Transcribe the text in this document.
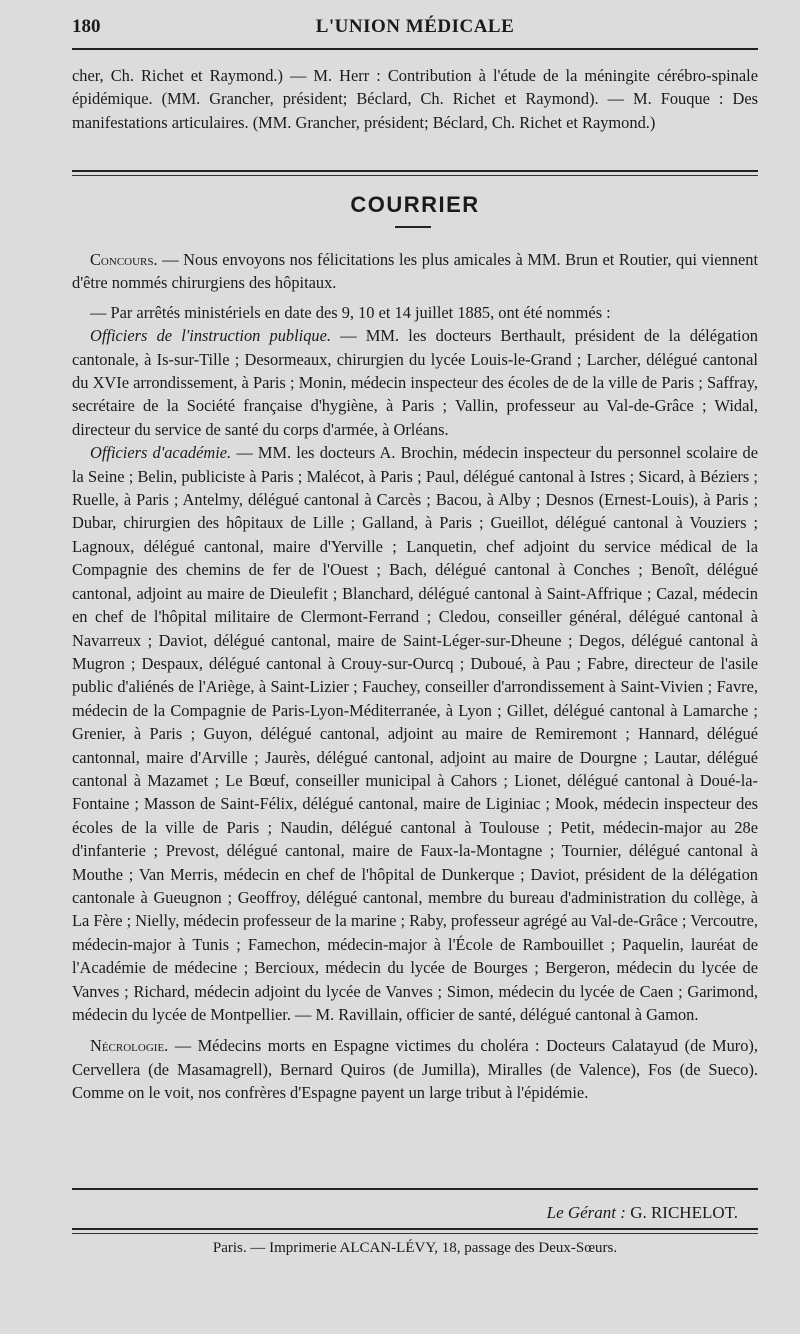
180	L'UNION MÉDICALE

cher, Ch. Richet et Raymond.) — M. Herr : Contribution à l'étude de la méningite cérébro-spinale épidémique. (MM. Grancher, président; Béclard, Ch. Richet et Raymond). — M. Fouque : Des manifestations articulaires. (MM. Grancher, président; Béclard, Ch. Richet et Raymond.)

COURRIER

Concours. — Nous envoyons nos félicitations les plus amicales à MM. Brun et Routier, qui viennent d'être nommés chirurgiens des hôpitaux.

— Par arrêtés ministériels en date des 9, 10 et 14 juillet 1885, ont été nommés :

Officiers de l'instruction publique. — MM. les docteurs Berthault, président de la délégation cantonale, à Is-sur-Tille ; Desormeaux, chirurgien du lycée Louis-le-Grand ; Larcher, délégué cantonal du XVIe arrondissement, à Paris ; Monin, médecin inspecteur des écoles de de la ville de Paris ; Saffray, secrétaire de la Société française d'hygiène, à Paris ; Vallin, professeur au Val-de-Grâce ; Widal, directeur du service de santé du corps d'armée, à Orléans.

Officiers d'académie. — MM. les docteurs A. Brochin, médecin inspecteur du personnel scolaire de la Seine ; Belin, publiciste à Paris ; Malécot, à Paris ; Paul, délégué cantonal à Istres ; Sicard, à Béziers ; Ruelle, à Paris ; Antelmy, délégué cantonal à Carcès ; Bacou, à Alby ; Desnos (Ernest-Louis), à Paris ; Dubar, chirurgien des hôpitaux de Lille ; Galland, à Paris ; Gueillot, délégué cantonal à Vouziers ; Lagnoux, délégué cantonal, maire d'Yerville ; Lanquetin, chef adjoint du service médical de la Compagnie des chemins de fer de l'Ouest ; Bach, délégué cantonal à Conches ; Benoît, délégué cantonal, adjoint au maire de Dieulefit ; Blanchard, délégué cantonal à Saint-Affrique ; Cazal, médecin en chef de l'hôpital militaire de Clermont-Ferrand ; Cledou, conseiller général, délégué cantonal à Navarreux ; Daviot, délégué cantonal, maire de Saint-Léger-sur-Dheune ; Degos, délégué cantonal à Mugron ; Despaux, délégué cantonal à Crouy-sur-Ourcq ; Duboué, à Pau ; Fabre, directeur de l'asile public d'aliénés de l'Ariège, à Saint-Lizier ; Fauchey, conseiller d'arrondissement à Saint-Vivien ; Favre, médecin de la Compagnie de Paris-Lyon-Méditerranée, à Lyon ; Gillet, délégué cantonal à Lamarche ; Grenier, à Paris ; Guyon, délégué cantonal, adjoint au maire de Remiremont ; Hannard, délégué cantonnal, maire d'Arville ; Jaurès, délégué cantonal, adjoint au maire de Dourgne ; Lautar, délégué cantonal à Mazamet ; Le Bœuf, conseiller municipal à Cahors ; Lionet, délégué cantonal à Doué-la-Fontaine ; Masson de Saint-Félix, délégué cantonal, maire de Liginiac ; Mook, médecin inspecteur des écoles de la ville de Paris ; Naudin, délégué cantonal à Toulouse ; Petit, médecin-major au 28e d'infanterie ; Prevost, délégué cantonal, maire de Faux-la-Montagne ; Tournier, délégué cantonal à Mouthe ; Van Merris, médecin en chef de l'hôpital de Dunkerque ; Daviot, président de la délégation cantonale à Gueugnon ; Geoffroy, délégué cantonal, membre du bureau d'administration du collège, à La Fère ; Nielly, médecin professeur de la marine ; Raby, professeur agrégé au Val-de-Grâce ; Vercoutre, médecin-major à Tunis ; Famechon, médecin-major à l'École de Rambouillet ; Paquelin, lauréat de l'Académie de médecine ; Bercioux, médecin du lycée de Bourges ; Bergeron, médecin du lycée de Vanves ; Richard, médecin adjoint du lycée de Vanves ; Simon, médecin du lycée de Caen ; Garimond, médecin du lycée de Montpellier. — M. Ravillain, officier de santé, délégué cantonal à Gamon.

Nécrologie. — Médecins morts en Espagne victimes du choléra : Docteurs Calatayud (de Muro), Cervellera (de Masamagrell), Bernard Quiros (de Jumilla), Miralles (de Valence), Fos (de Sueco). Comme on le voit, nos confrères d'Espagne payent un large tribut à l'épidémie.

Le Gérant : G. RICHELOT.
Paris. — Imprimerie ALCAN-LÉVY, 18, passage des Deux-Sœurs.
